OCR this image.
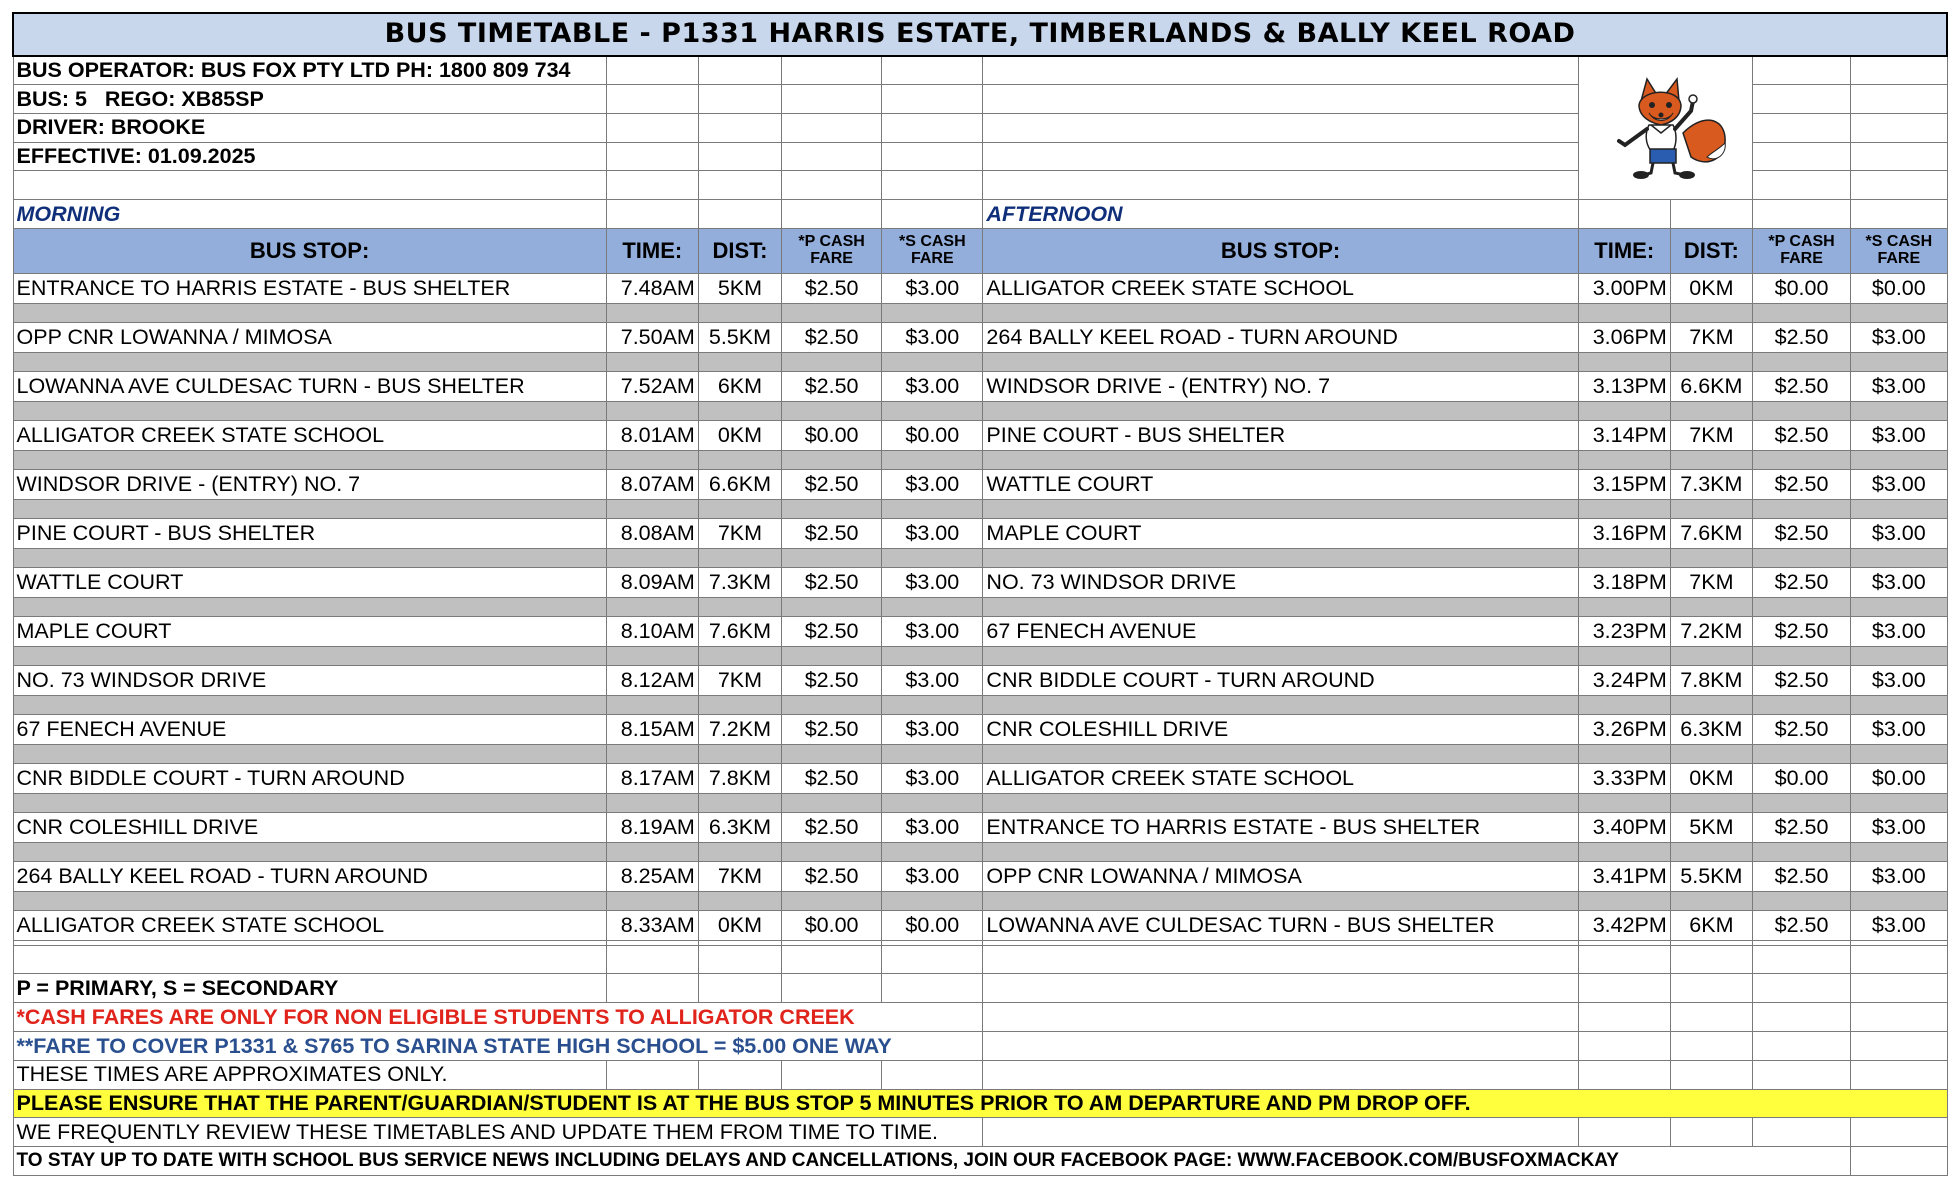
BUS TIMETABLE - P1331 HARRIS ESTATE, TIMBERLANDS & BALLY KEEL ROAD									
BUS OPERATOR: BUS FOX PTY LTD PH: 1800 809 734								
BUS: 5   REGO: XB85SP									
DRIVER: BROOKE									
EFFECTIVE: 01.09.2025									

MORNING					AFTERNOON				
BUS STOP:	TIME:	DIST:	*P CASH FARE	*S CASH FARE	BUS STOP:	TIME:	DIST:	*P CASH FARE	*S CASH FARE
ENTRANCE TO HARRIS ESTATE - BUS SHELTER	7.48AM	5KM	$2.50	$3.00	ALLIGATOR CREEK STATE SCHOOL	3.00PM	0KM	$0.00	$0.00

OPP CNR LOWANNA / MIMOSA	7.50AM	5.5KM	$2.50	$3.00	264 BALLY KEEL ROAD - TURN AROUND	3.06PM	7KM	$2.50	$3.00

LOWANNA AVE CULDESAC TURN - BUS SHELTER	7.52AM	6KM	$2.50	$3.00	WINDSOR DRIVE - (ENTRY) NO. 7	3.13PM	6.6KM	$2.50	$3.00

ALLIGATOR CREEK STATE SCHOOL	8.01AM	0KM	$0.00	$0.00	PINE COURT - BUS SHELTER	3.14PM	7KM	$2.50	$3.00

WINDSOR DRIVE - (ENTRY) NO. 7	8.07AM	6.6KM	$2.50	$3.00	WATTLE COURT	3.15PM	7.3KM	$2.50	$3.00

PINE COURT - BUS SHELTER	8.08AM	7KM	$2.50	$3.00	MAPLE COURT	3.16PM	7.6KM	$2.50	$3.00

WATTLE COURT	8.09AM	7.3KM	$2.50	$3.00	NO. 73 WINDSOR DRIVE	3.18PM	7KM	$2.50	$3.00

MAPLE COURT	8.10AM	7.6KM	$2.50	$3.00	67 FENECH AVENUE	3.23PM	7.2KM	$2.50	$3.00

NO. 73 WINDSOR DRIVE	8.12AM	7KM	$2.50	$3.00	CNR BIDDLE COURT - TURN AROUND	3.24PM	7.8KM	$2.50	$3.00

67 FENECH AVENUE	8.15AM	7.2KM	$2.50	$3.00	CNR COLESHILL DRIVE	3.26PM	6.3KM	$2.50	$3.00

CNR BIDDLE COURT - TURN AROUND	8.17AM	7.8KM	$2.50	$3.00	ALLIGATOR CREEK STATE SCHOOL	3.33PM	0KM	$0.00	$0.00

CNR COLESHILL DRIVE	8.19AM	6.3KM	$2.50	$3.00	ENTRANCE TO HARRIS ESTATE - BUS SHELTER	3.40PM	5KM	$2.50	$3.00

264 BALLY KEEL ROAD - TURN AROUND	8.25AM	7KM	$2.50	$3.00	OPP CNR LOWANNA / MIMOSA	3.41PM	5.5KM	$2.50	$3.00

ALLIGATOR CREEK STATE SCHOOL	8.33AM	0KM	$0.00	$0.00	LOWANNA AVE CULDESAC TURN - BUS SHELTER	3.42PM	6KM	$2.50	$3.00

P = PRIMARY, S = SECONDARY									
*CASH FARES ARE ONLY FOR NON ELIGIBLE STUDENTS TO ALLIGATOR CREEK									
**FARE TO COVER P1331 & S765 TO SARINA STATE HIGH SCHOOL = $5.00 ONE WAY									
THESE TIMES ARE APPROXIMATES ONLY.									
PLEASE ENSURE THAT THE PARENT/GUARDIAN/STUDENT IS AT THE BUS STOP 5 MINUTES PRIOR TO AM DEPARTURE AND PM DROP OFF.									
WE FREQUENTLY REVIEW THESE TIMETABLES AND UPDATE THEM FROM TIME TO TIME.									
TO STAY UP TO DATE WITH SCHOOL BUS SERVICE NEWS INCLUDING DELAYS AND CANCELLATIONS, JOIN OUR FACEBOOK PAGE: WWW.FACEBOOK.COM/BUSFOXMACKAY									
